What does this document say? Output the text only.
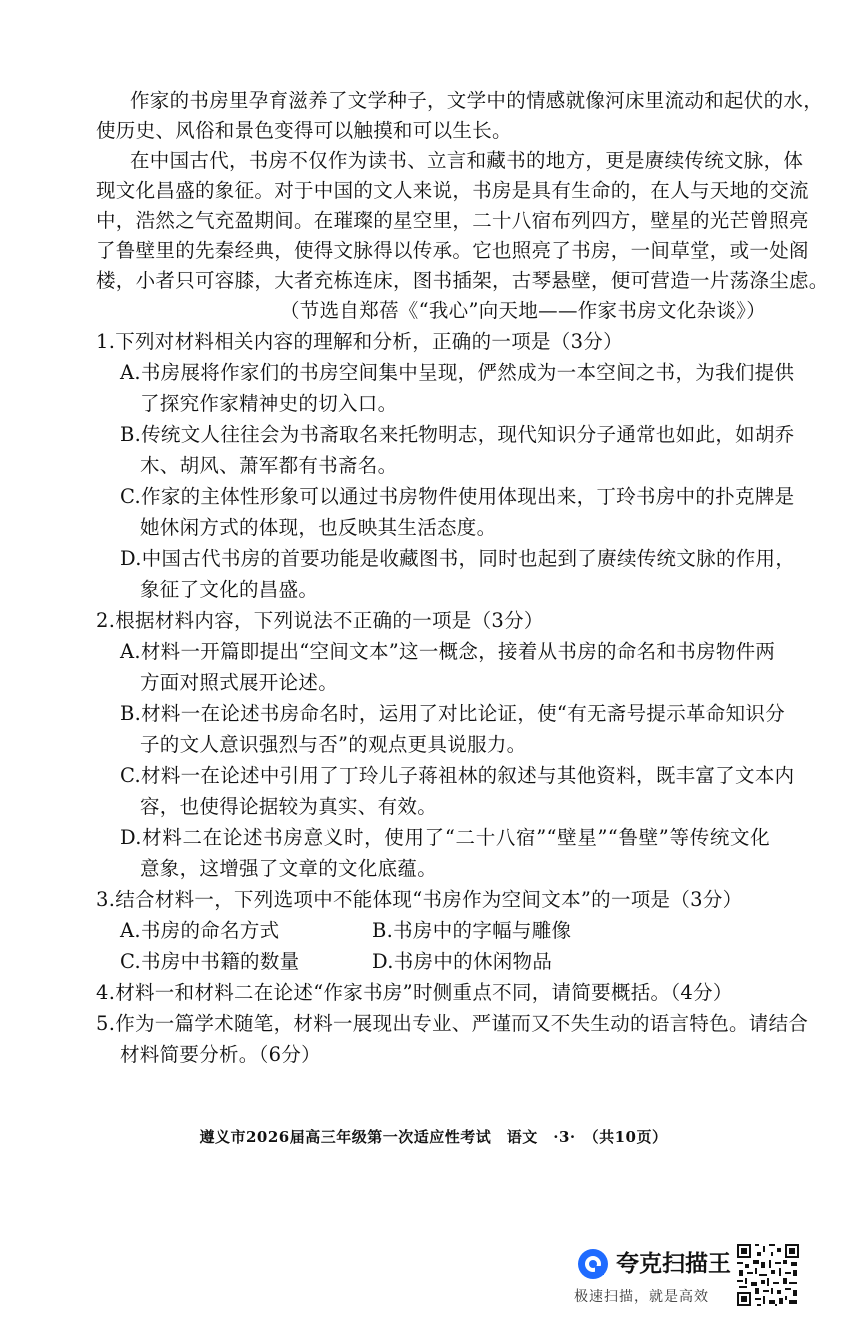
作家的书房里孕育滋养了文学种子，文学中的情感就像河床里流动和起伏的水，
使历史、风俗和景色变得可以触摸和可以生长。
在中国古代，书房不仅作为读书、立言和藏书的地方，更是赓续传统文脉，体
现文化昌盛的象征。对于中国的文人来说，书房是具有生命的，在人与天地的交流
中，浩然之气充盈期间。在璀璨的星空里，二十八宿布列四方，壁星的光芒曾照亮
了鲁壁里的先秦经典，使得文脉得以传承。它也照亮了书房，一间草堂，或一处阁
楼，小者只可容膝，大者充栋连床，图书插架，古琴悬壁，便可营造一片荡涤尘虑。
（节选自郑蓓《“我心”向天地——作家书房文化杂谈》）
1.下列对材料相关内容的理解和分析，正确的一项是（3分）
A.书房展将作家们的书房空间集中呈现，俨然成为一本空间之书，为我们提供
了探究作家精神史的切入口。
B.传统文人往往会为书斋取名来托物明志，现代知识分子通常也如此，如胡乔
木、胡风、萧军都有书斋名。
C.作家的主体性形象可以通过书房物件使用体现出来，丁玲书房中的扑克牌是
她休闲方式的体现，也反映其生活态度。
D.中国古代书房的首要功能是收藏图书，同时也起到了赓续传统文脉的作用，
象征了文化的昌盛。
2.根据材料内容，下列说法不正确的一项是（3分）
A.材料一开篇即提出“空间文本”这一概念，接着从书房的命名和书房物件两
方面对照式展开论述。
B.材料一在论述书房命名时，运用了对比论证，使“有无斋号提示革命知识分
子的文人意识强烈与否”的观点更具说服力。
C.材料一在论述中引用了丁玲儿子蒋祖林的叙述与其他资料，既丰富了文本内
容，也使得论据较为真实、有效。
D.材料二在论述书房意义时，使用了“二十八宿”“壁星”“鲁壁”等传统文化
意象，这增强了文章的文化底蕴。
3.结合材料一，下列选项中不能体现“书房作为空间文本”的一项是（3分）
A.书房的命名方式	B.书房中的字幅与雕像
C.书房中书籍的数量	D.书房中的休闲物品
4.材料一和材料二在论述“作家书房”时侧重点不同，请简要概括。（4分）
5.作为一篇学术随笔，材料一展现出专业、严谨而又不失生动的语言特色。请结合
材料简要分析。（6分）
遵义市2026届高三年级第一次适应性考试　语文　·3·　（共10页）
夸克扫描王
极速扫描，就是高效
